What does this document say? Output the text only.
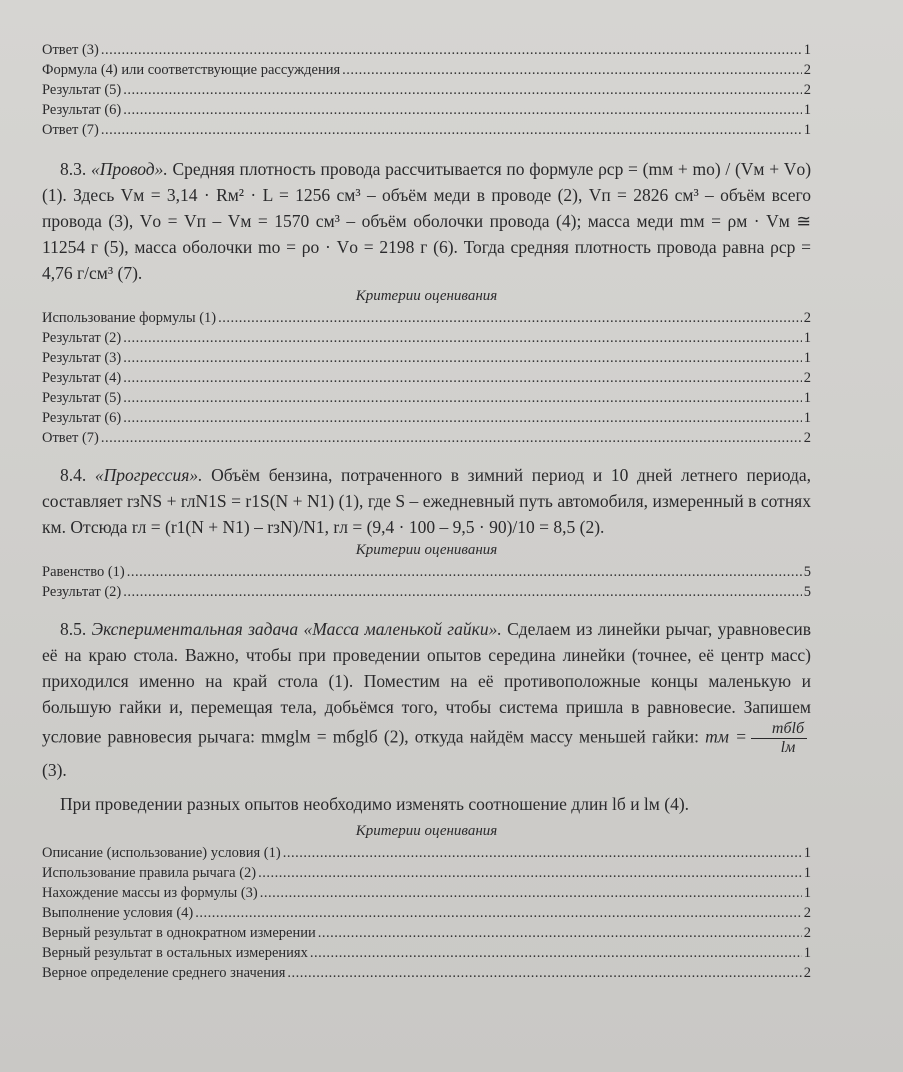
Ответ (3) .....	1
Формула (4) или соответствующие рассуждения .....	2
Результат (5) .....	2
Результат (6) .....	1
Ответ (7) .....	1

8.3. «Провод». Средняя плотность провода рассчитывается по формуле ρср = (mм + mо) / (Vм + Vо) (1). Здесь Vм = 3,14 · Rм² · L = 1256 см³ – объём меди в проводе (2), Vп = 2826 см³ – объём всего провода (3), Vо = Vп – Vм = 1570 см³ – объём оболочки провода (4); масса меди mм = ρм · Vм ≅ 11254 г (5), масса оболочки mо = ρо · Vо = 2198 г (6). Тогда средняя плотность провода равна ρср = 4,76 г/см³ (7).

Критерии оценивания

Использование формулы (1) .....	2
Результат (2) .....	1
Результат (3) .....	1
Результат (4) .....	2
Результат (5) .....	1
Результат (6) .....	1
Ответ (7) .....	2

8.4. «Прогрессия». Объём бензина, потраченного в зимний период и 10 дней летнего периода, составляет rзNS + rлN1S = r1S(N + N1) (1), где S – ежедневный путь автомобиля, измеренный в сотнях км. Отсюда rл = (r1(N + N1) – rзN)/N1, rл = (9,4 · 100 – 9,5 · 90)/10 = 8,5 (2).

Критерии оценивания

Равенство (1) .....	5
Результат (2) .....	5

8.5. Экспериментальная задача «Масса маленькой гайки». Сделаем из линейки рычаг, уравновесив её на краю стола. Важно, чтобы при проведении опытов середина линейки (точнее, её центр масс) приходился именно на край стола (1). Поместим на её противоположные концы маленькую и большую гайки и, перемещая тела, добьёмся того, чтобы система пришла в равновесие. Запишем условие равновесия рычага: mмglм = mбglб (2), откуда найдём массу меньшей гайки: mм = $\frac{\text{mбlб}}{lм}$
(3).

При проведении разных опытов необходимо изменять соотношение длин lб и lм (4).

Критерии оценивания

Описание (использование) условия (1) .....	1
Использование правила рычага (2) .....	1
Нахождение массы из формулы (3) .....	1
Выполнение условия (4) .....	2
Верный результат в однократном измерении .....	2
Верный результат в остальных измерениях .....	1
Верное определение среднего значения .....	2
